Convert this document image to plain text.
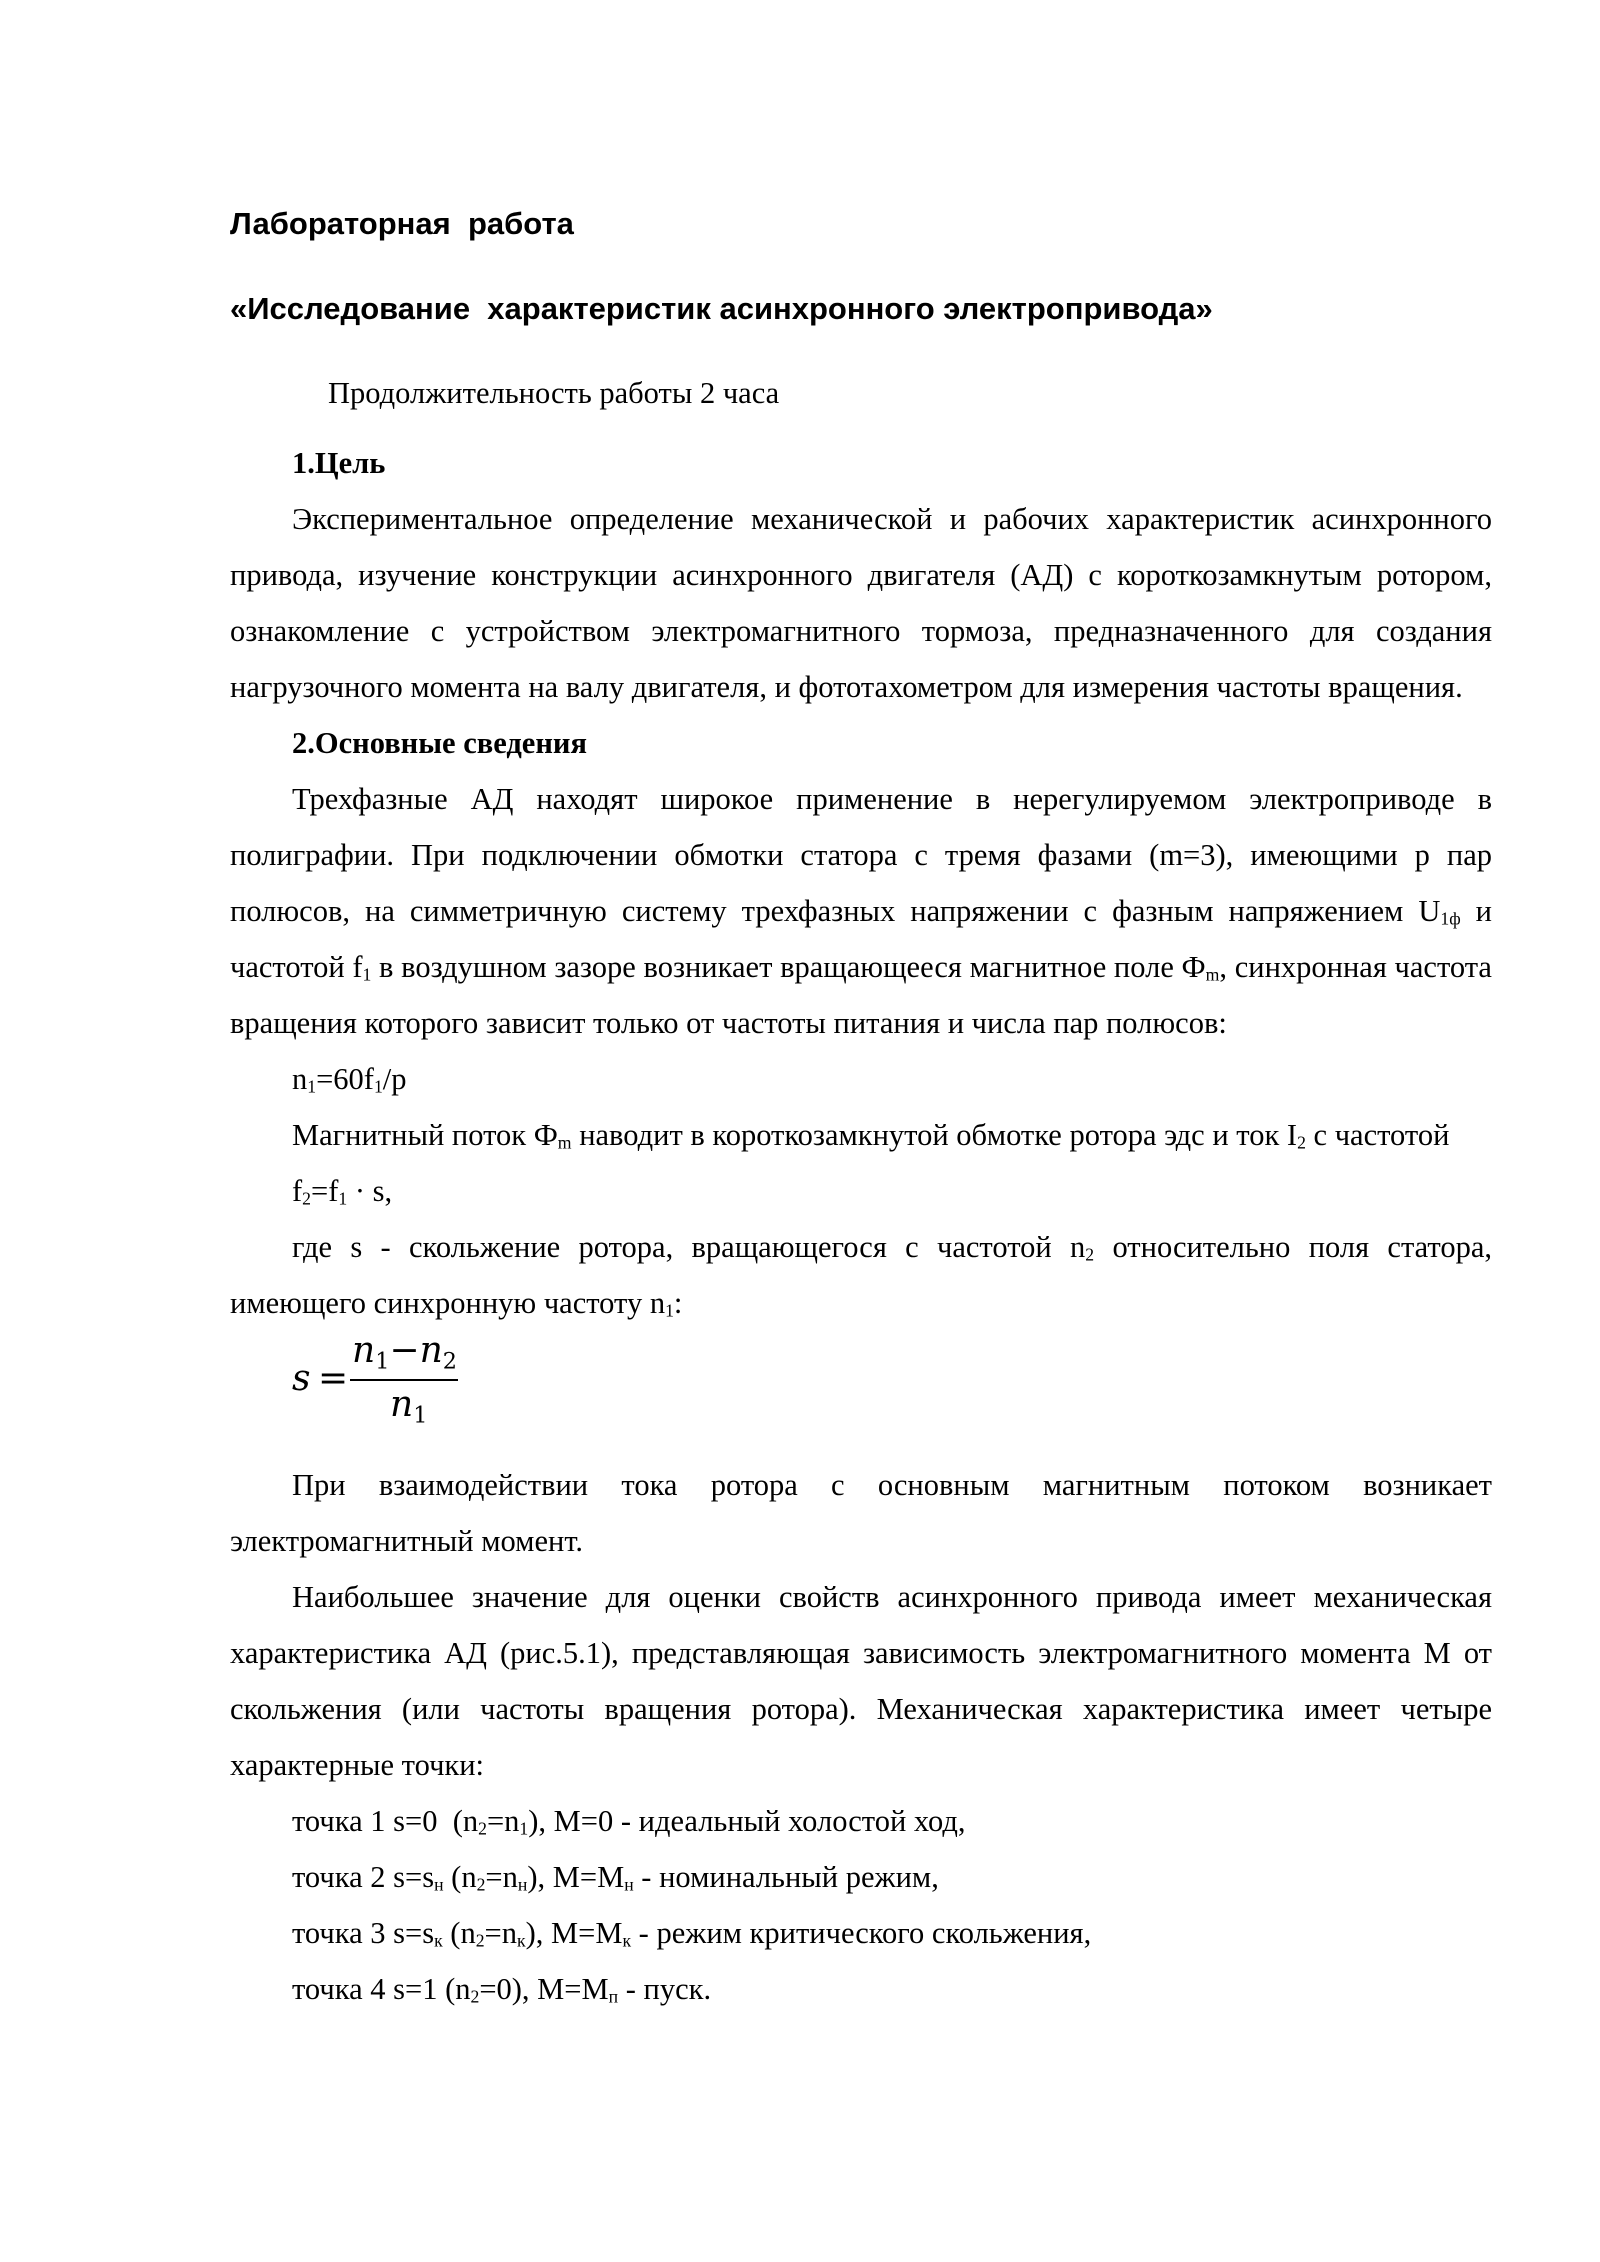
Лабораторная  работа
«Исследование  характеристик асинхронного электропривода»

Продолжительность работы 2 часа

1.Цель

Экспериментальное определение механической и рабочих характеристик асинхронного привода, изучение конструкции асинхронного двигателя (АД) с короткозамкнутым ротором, ознакомление с устройством электромагнитного тормоза, предназначенного для создания нагрузочного момента на валу двигателя, и фототахометром для измерения частоты вращения.

2.Основные сведения

Трехфазные АД находят широкое применение в нерегулируемом электроприводе в полиграфии. При подключении обмотки статора с тремя фазами (m=3), имеющими р пар полюсов, на симметричную систему трехфазных напряжении с фазным напряжением $U_{1ф}$ и частотой $f_1$ в воздушном зазоре возникает вращающееся магнитное поле $Ф_m$, синхронная частота вращения которого зависит только от частоты питания и числа пар полюсов:

$n_1=60f_1/p$

Магнитный поток $Ф_m$ наводит в короткозамкнутой обмотке ротора эдс и ток $I_2$ с частотой

$f_2=f_1 \cdot s$,

где s - скольжение ротора, вращающегося с частотой $n_2$ относительно поля статора, имеющего синхронную частоту $n_1$:

s =
$n_1-n_2$
$n_1$

При взаимодействии тока ротора с основным магнитным потоком возникает электромагнитный момент.

Наибольшее значение для оценки свойств асинхронного привода имеет механическая характеристика АД (рис.5.1), представляющая зависимость электромагнитного момента М от скольжения (или частоты вращения ротора). Механическая характеристика имеет четыре характерные точки:

точка 1 s=0  $(n_2=n_1)$, M=0 - идеальный холостой ход,

точка 2 $s=s_н$ $(n_2=n_н)$, $M=M_н$ - номинальный режим,

точка 3 $s=s_к$ $(n_2=n_к)$, $M=M_к$ - режим критического скольжения,

точка 4 s=1 $(n_2=0)$, $M=M_п$ - пуск.
